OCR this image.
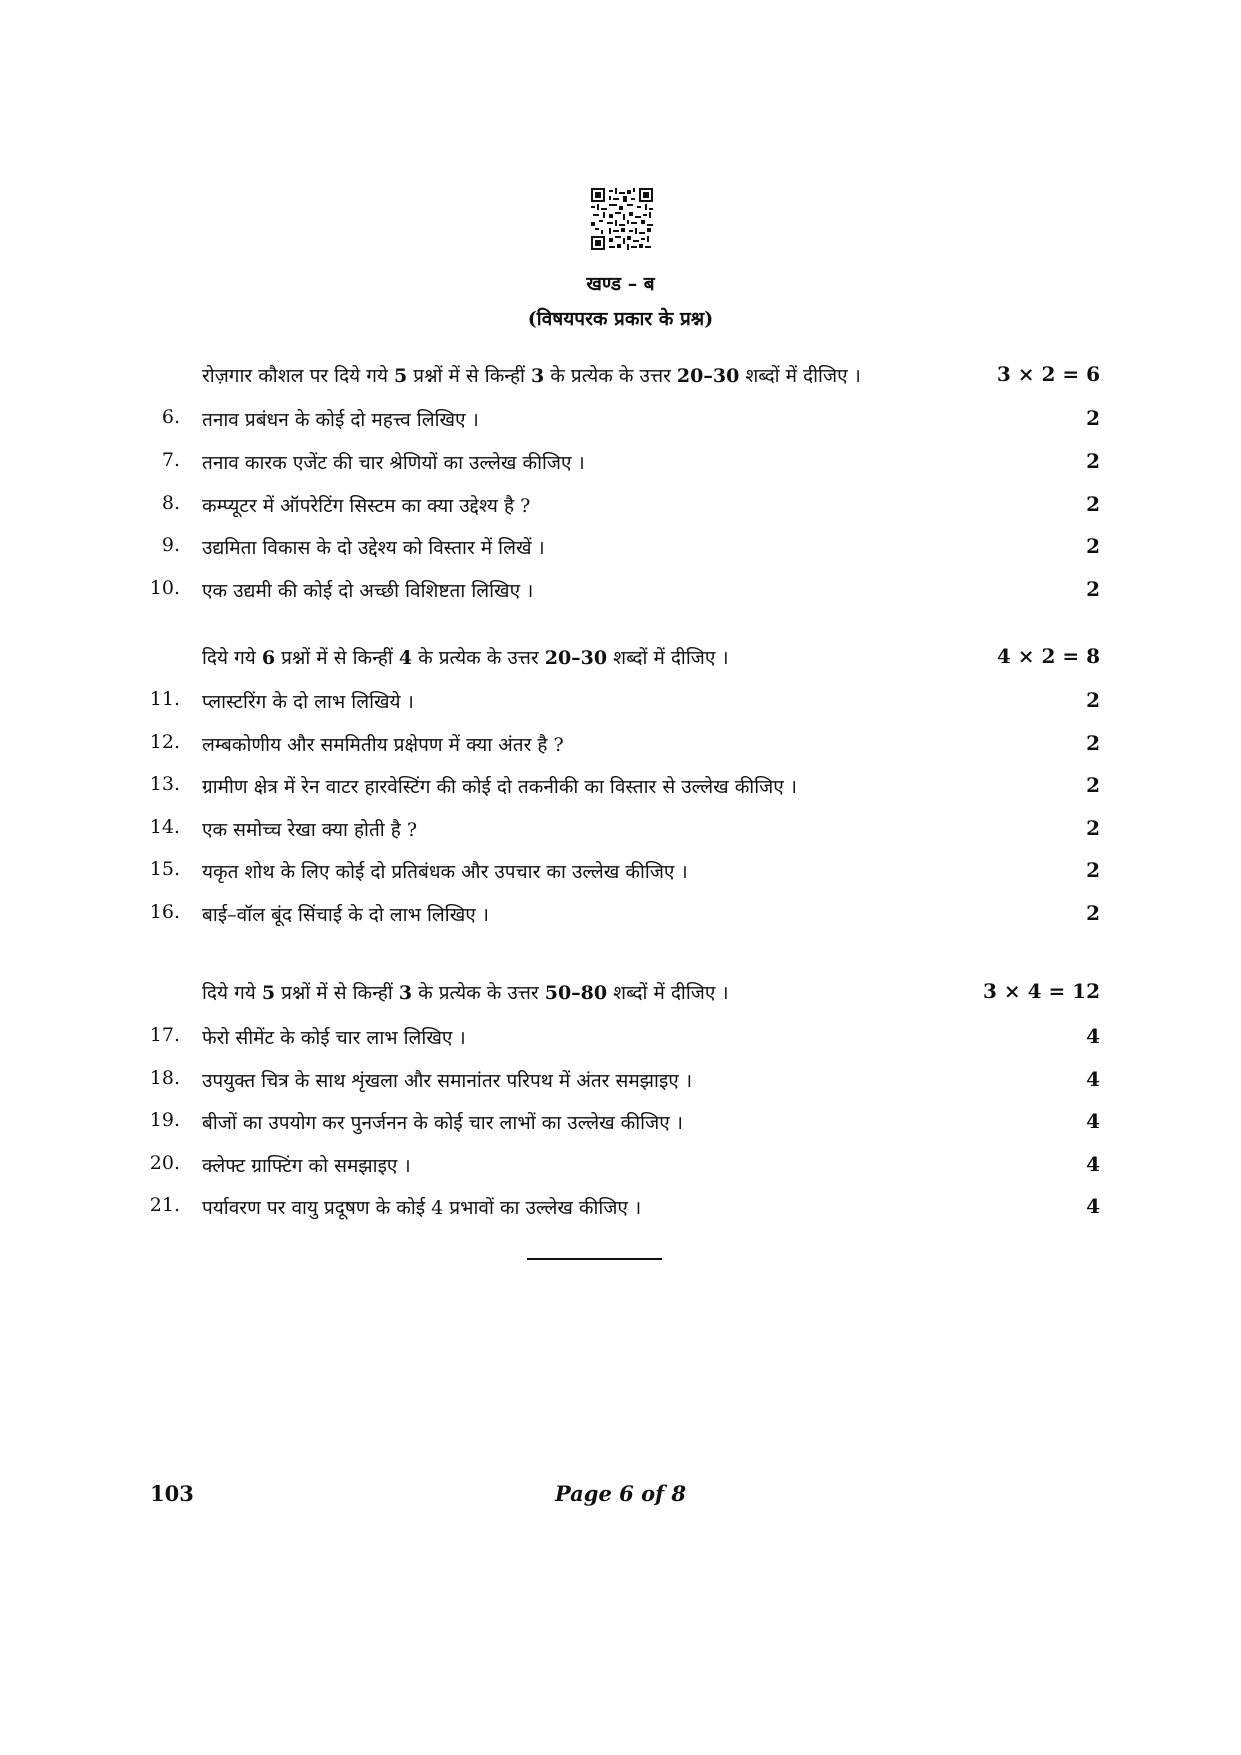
खण्ड – ब
(विषयपरक प्रकार के प्रश्न)
रोज़गार कौशल पर दिये गये 5 प्रश्नों में से किन्हीं 3 के प्रत्येक के उत्तर 20–30 शब्दों में दीजिए ।	3 × 2 = 6
6. तनाव प्रबंधन के कोई दो महत्त्व लिखिए ।	2
7. तनाव कारक एजेंट की चार श्रेणियों का उल्लेख कीजिए ।	2
8. कम्प्यूटर में ऑपरेटिंग सिस्टम का क्या उद्देश्य है ?	2
9. उद्यमिता विकास के दो उद्देश्य को विस्तार में लिखें ।	2
10. एक उद्यमी की कोई दो अच्छी विशिष्टता लिखिए ।	2
दिये गये 6 प्रश्नों में से किन्हीं 4 के प्रत्येक के उत्तर 20–30 शब्दों में दीजिए ।	4 × 2 = 8
11. प्लास्टरिंग के दो लाभ लिखिये ।	2
12. लम्बकोणीय और सममितीय प्रक्षेपण में क्या अंतर है ?	2
13. ग्रामीण क्षेत्र में रेन वाटर हारवेस्टिंग की कोई दो तकनीकी का विस्तार से उल्लेख कीजिए ।	2
14. एक समोच्च रेखा क्या होती है ?	2
15. यकृत शोथ के लिए कोई दो प्रतिबंधक और उपचार का उल्लेख कीजिए ।	2
16. बाई–वॉल बूंद सिंचाई के दो लाभ लिखिए ।	2
दिये गये 5 प्रश्नों में से किन्हीं 3 के प्रत्येक के उत्तर 50–80 शब्दों में दीजिए ।	3 × 4 = 12
17. फेरो सीमेंट के कोई चार लाभ लिखिए ।	4
18. उपयुक्त चित्र के साथ शृंखला और समानांतर परिपथ में अंतर समझाइए ।	4
19. बीजों का उपयोग कर पुनर्जनन के कोई चार लाभों का उल्लेख कीजिए ।	4
20. क्लेफ्ट ग्राफ्टिंग को समझाइए ।	4
21. पर्यावरण पर वायु प्रदूषण के कोई 4 प्रभावों का उल्लेख कीजिए ।	4
103	Page 6 of 8
